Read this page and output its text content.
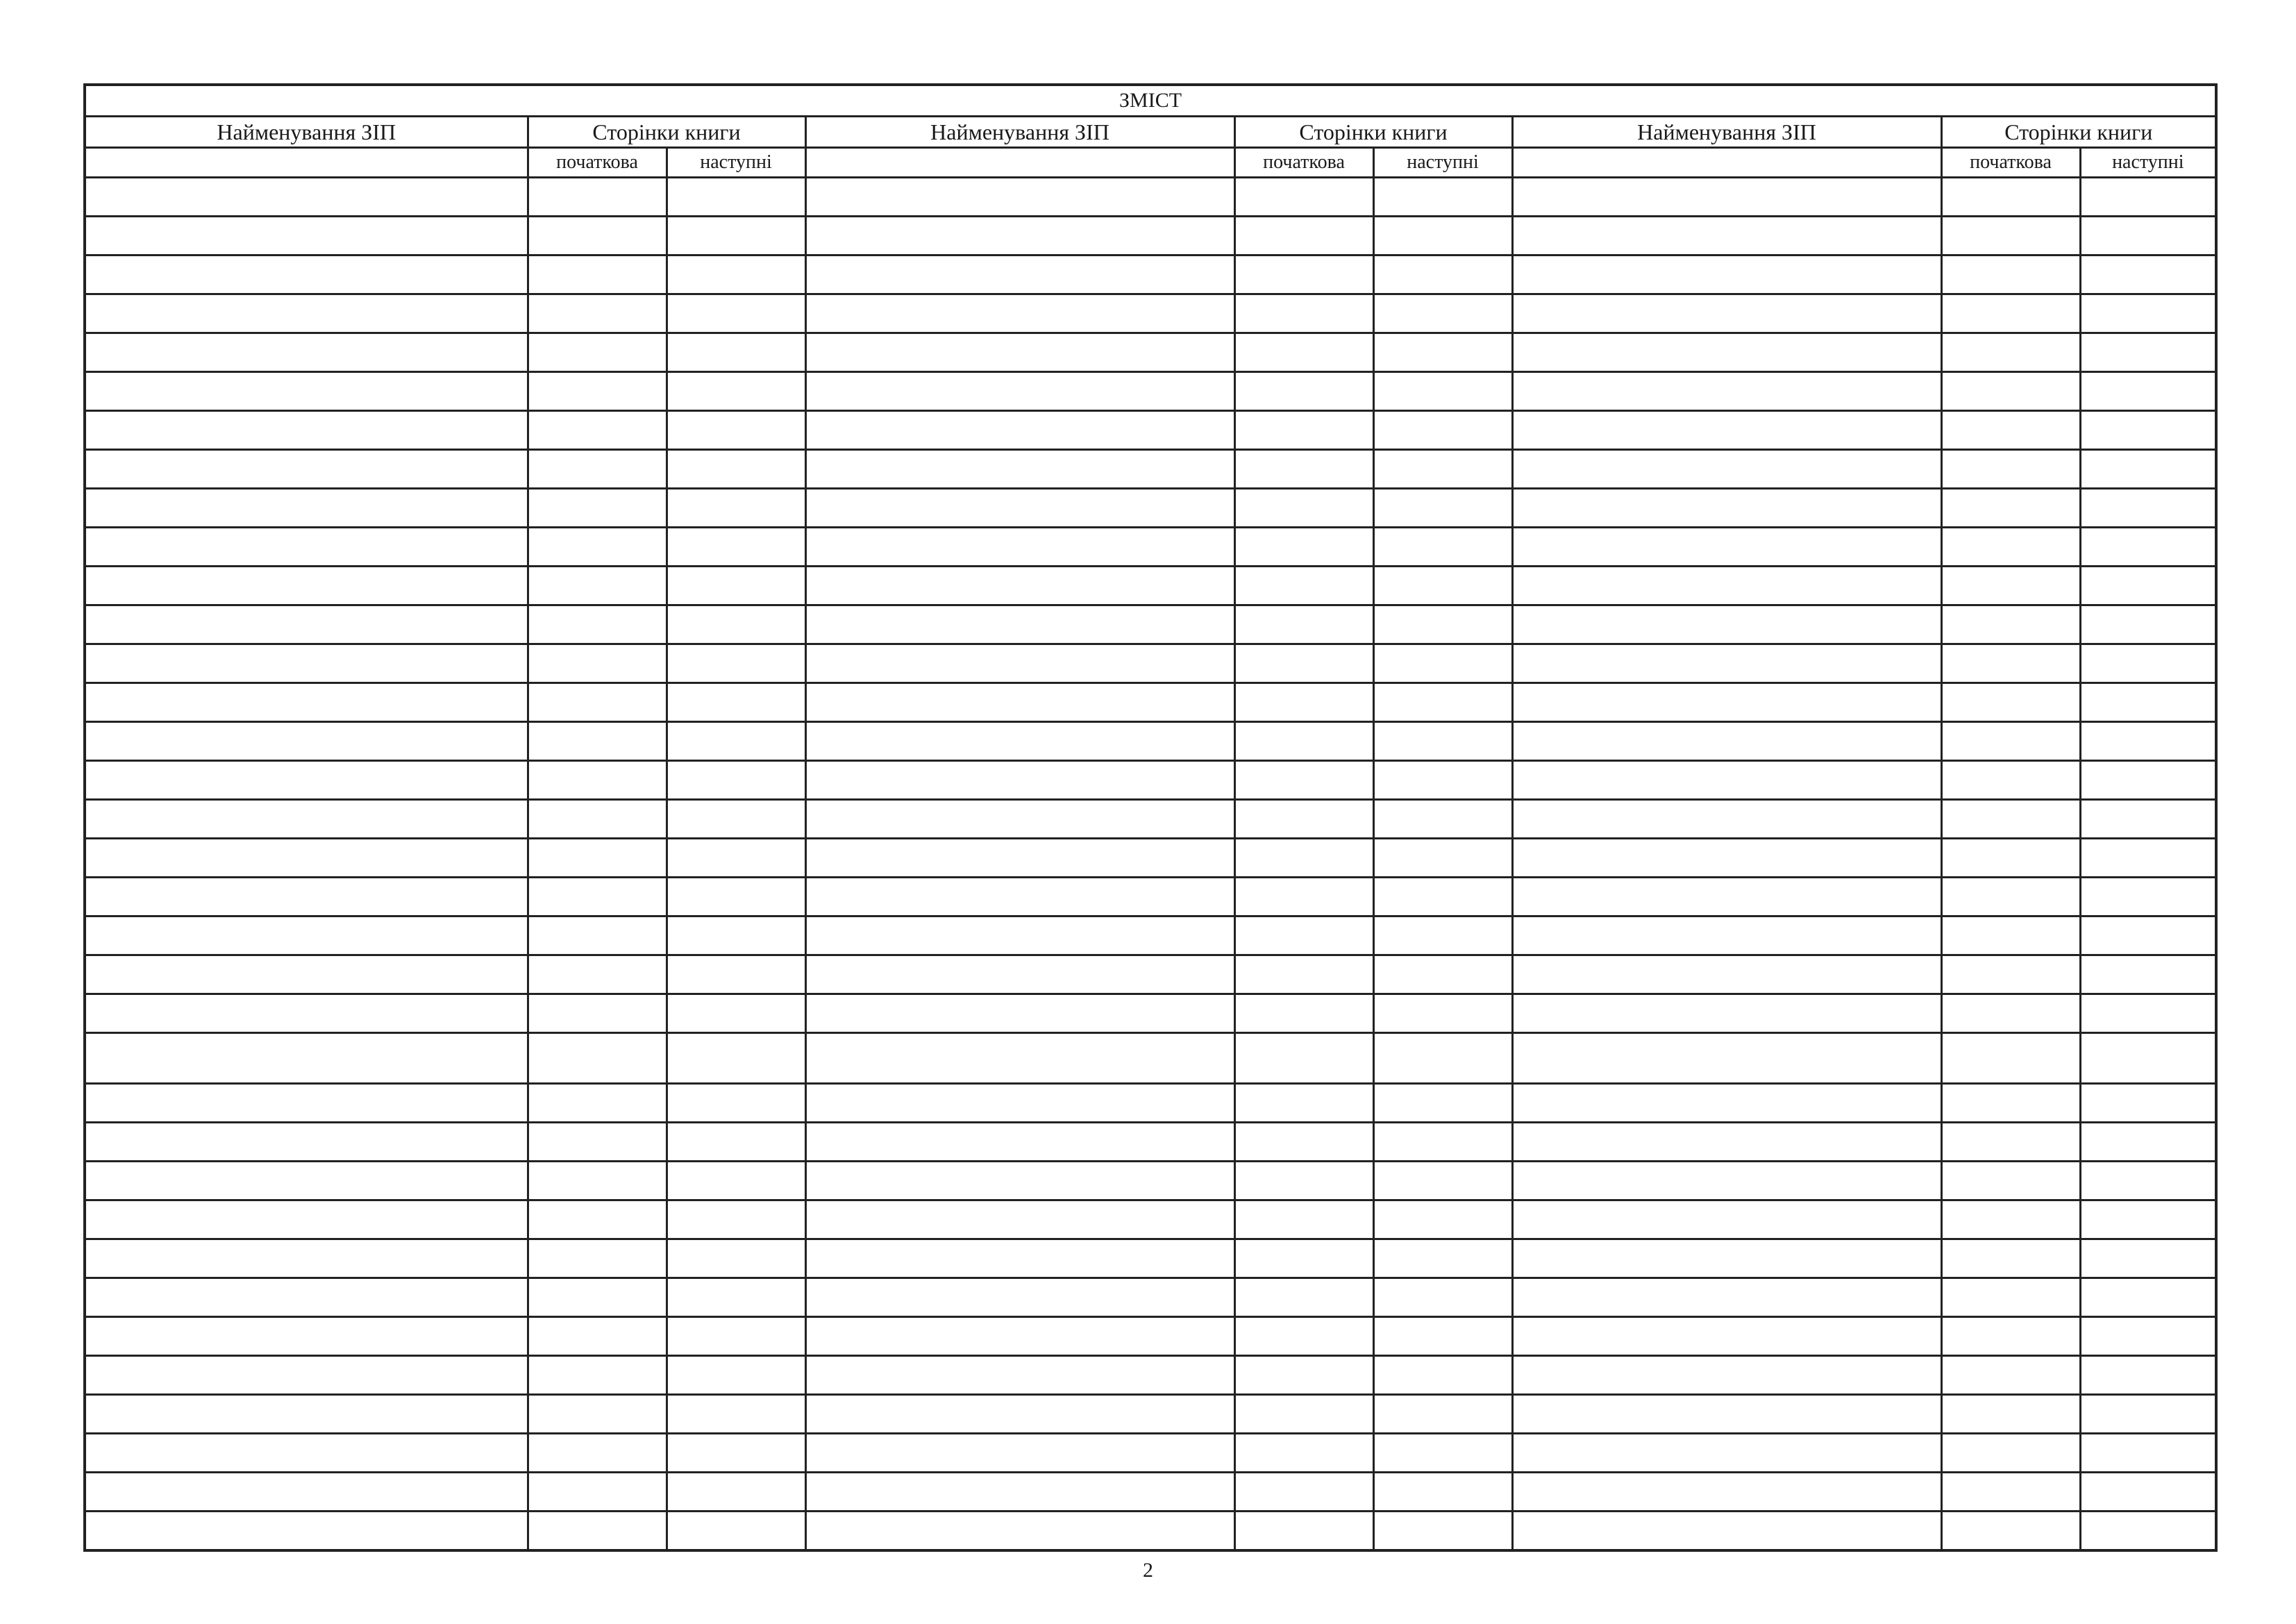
ЗМІСТ								
Найменування ЗІП	Сторінки книги		Найменування ЗІП	Сторінки книги		Найменування ЗІП	Сторінки книги	
	початкова	наступні		початкова	наступні		початкова	наступні

2
